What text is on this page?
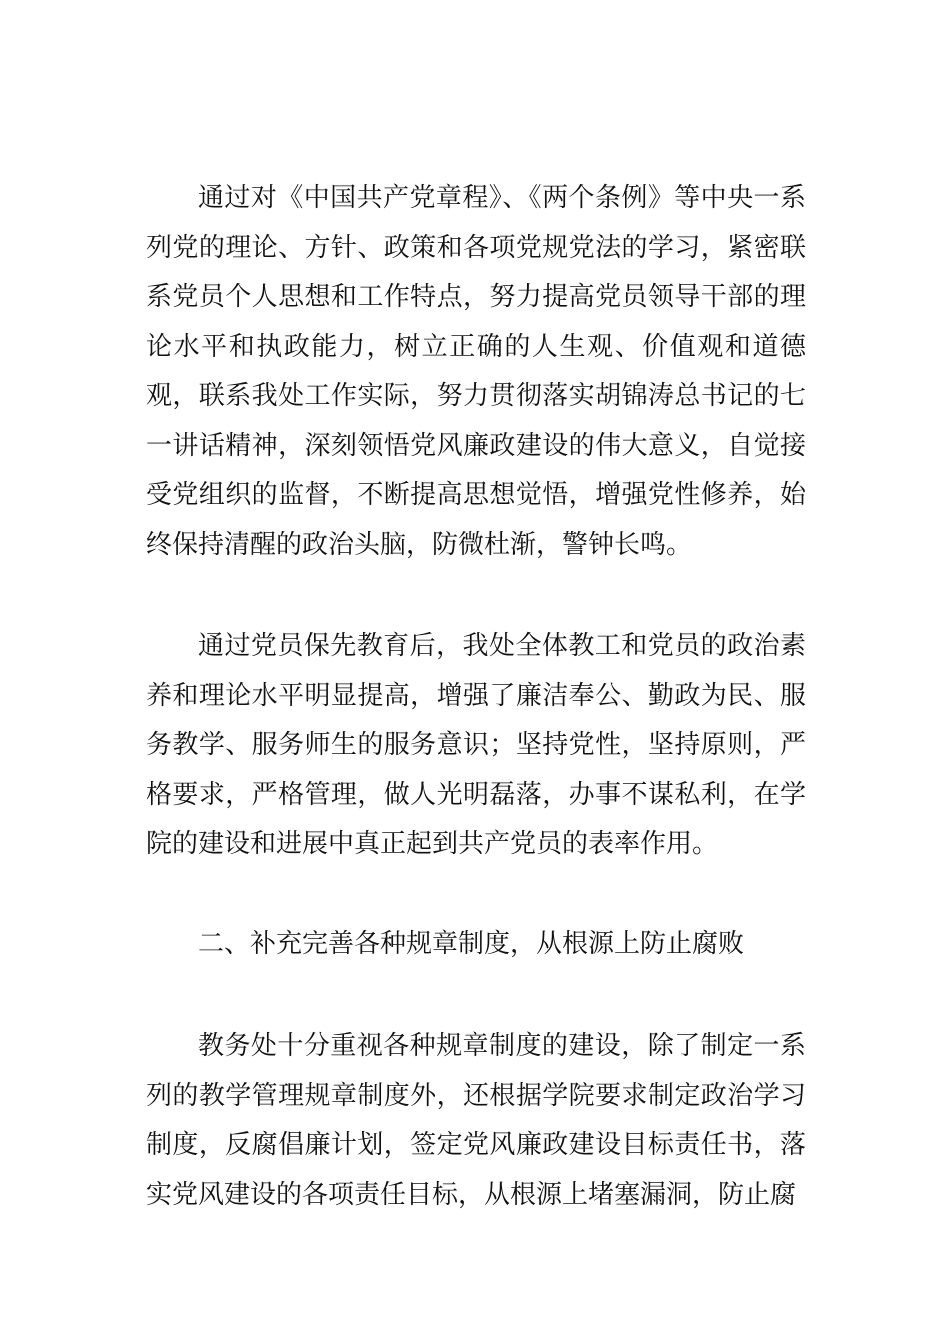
通过对《中国共产党章程》、《两个条例》等中央一系列党的理论、方针、政策和各项党规党法的学习，紧密联系党员个人思想和工作特点，努力提高党员领导干部的理论水平和执政能力，树立正确的人生观、价值观和道德观，联系我处工作实际，努力贯彻落实胡锦涛总书记的七一讲话精神，深刻领悟党风廉政建设的伟大意义，自觉接受党组织的监督，不断提高思想觉悟，增强党性修养，始终保持清醒的政治头脑，防微杜渐，警钟长鸣。

通过党员保先教育后，我处全体教工和党员的政治素养和理论水平明显提高，增强了廉洁奉公、勤政为民、服务教学、服务师生的服务意识；坚持党性，坚持原则，严格要求，严格管理，做人光明磊落，办事不谋私利，在学院的建设和进展中真正起到共产党员的表率作用。

二、补充完善各种规章制度，从根源上防止腐败

教务处十分重视各种规章制度的建设，除了制定一系列的教学管理规章制度外，还根据学院要求制定政治学习制度，反腐倡廉计划，签定党风廉政建设目标责任书，落实党风建设的各项责任目标，从根源上堵塞漏洞，防止腐
